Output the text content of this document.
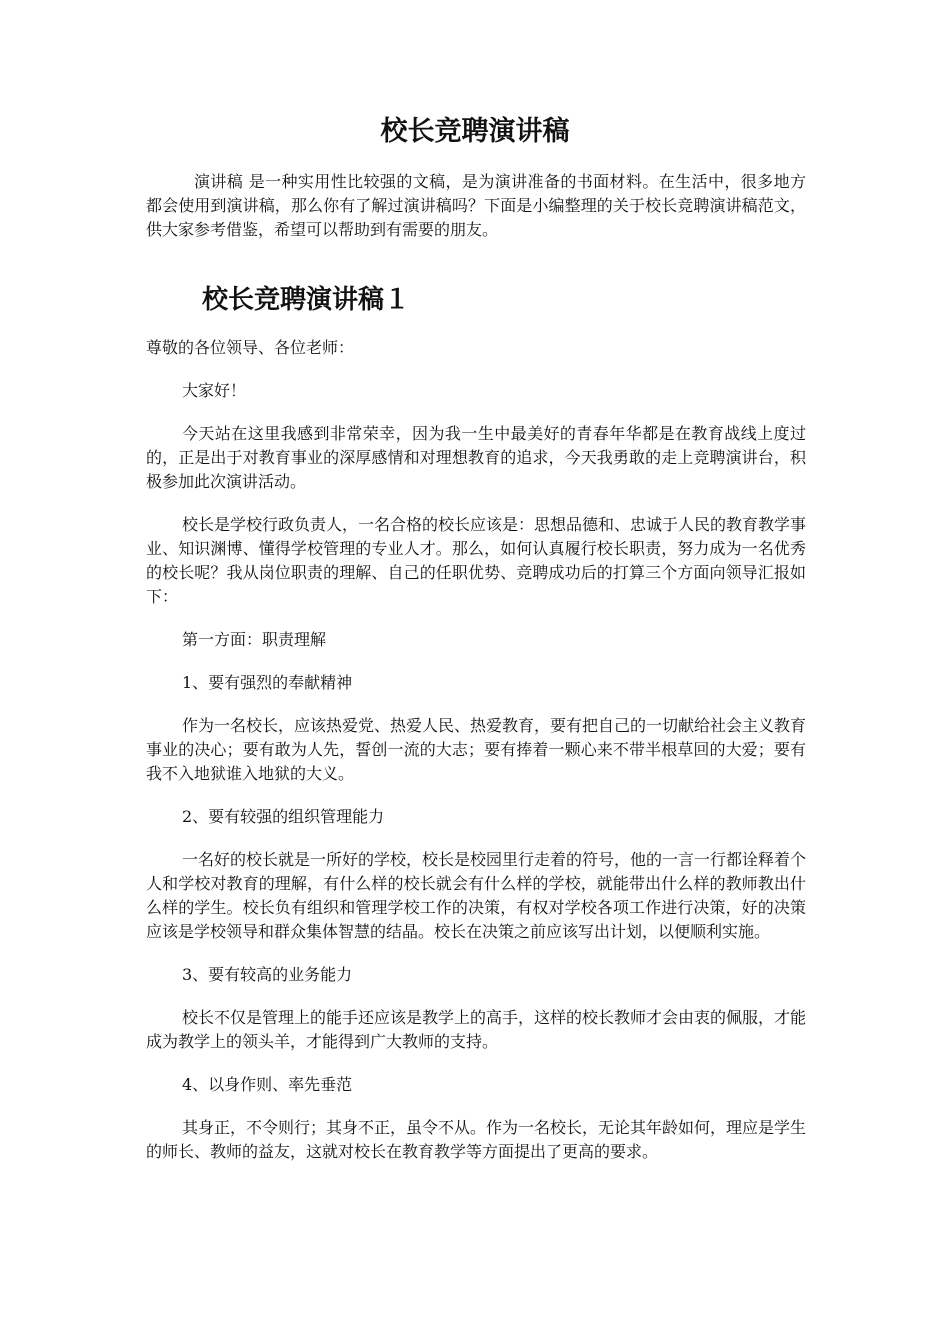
校长竞聘演讲稿

演讲稿 是一种实用性比较强的文稿，是为演讲准备的书面材料。在生活中，很多地方都会使用到演讲稿，那么你有了解过演讲稿吗？下面是小编整理的关于校长竞聘演讲稿范文，供大家参考借鉴，希望可以帮助到有需要的朋友。

校长竞聘演讲稿１

尊敬的各位领导、各位老师：

大家好！

今天站在这里我感到非常荣幸，因为我一生中最美好的青春年华都是在教育战线上度过的，正是出于对教育事业的深厚感情和对理想教育的追求，今天我勇敢的走上竞聘演讲台，积极参加此次演讲活动。

校长是学校行政负责人，一名合格的校长应该是：思想品德和、忠诚于人民的教育教学事业、知识渊博、懂得学校管理的专业人才。那么，如何认真履行校长职责，努力成为一名优秀的校长呢？我从岗位职责的理解、自己的任职优势、竞聘成功后的打算三个方面向领导汇报如下：

第一方面：职责理解

1、要有强烈的奉献精神

作为一名校长，应该热爱党、热爱人民、热爱教育，要有把自己的一切献给社会主义教育事业的决心；要有敢为人先，誓创一流的大志；要有捧着一颗心来不带半根草回的大爱；要有我不入地狱谁入地狱的大义。

2、要有较强的组织管理能力

一名好的校长就是一所好的学校，校长是校园里行走着的符号，他的一言一行都诠释着个人和学校对教育的理解，有什么样的校长就会有什么样的学校，就能带出什么样的教师教出什么样的学生。校长负有组织和管理学校工作的决策，有权对学校各项工作进行决策，好的决策应该是学校领导和群众集体智慧的结晶。校长在决策之前应该写出计划，以便顺利实施。

3、要有较高的业务能力

校长不仅是管理上的能手还应该是教学上的高手，这样的校长教师才会由衷的佩服，才能成为教学上的领头羊，才能得到广大教师的支持。

4、以身作则、率先垂范

其身正，不令则行；其身不正，虽令不从。作为一名校长，无论其年龄如何，理应是学生的师长、教师的益友，这就对校长在教育教学等方面提出了更高的要求。
